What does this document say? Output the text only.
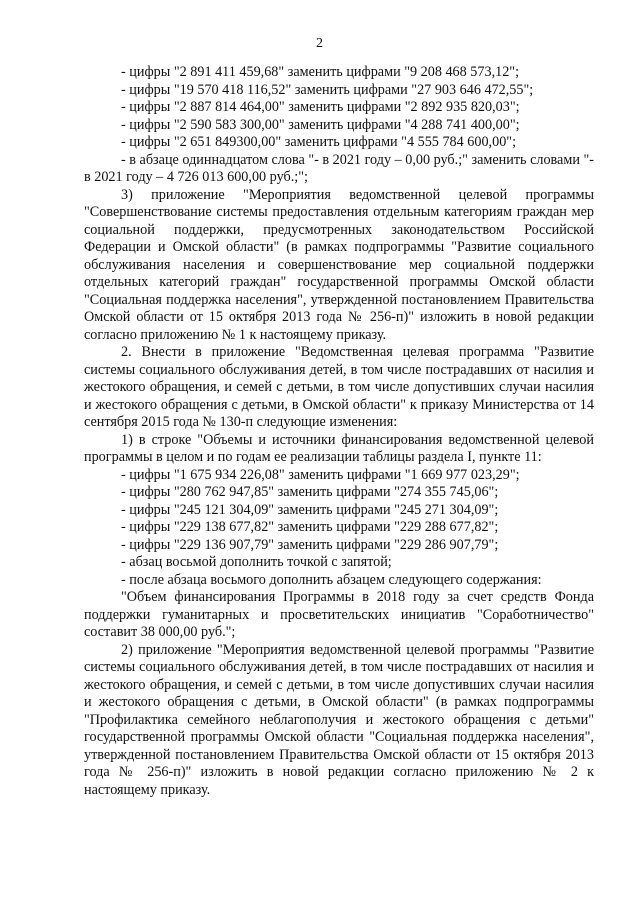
2

- цифры "2 891 411 459,68" заменить цифрами "9 208 468 573,12";

- цифры "19 570 418 116,52" заменить цифрами "27 903 646 472,55";

- цифры "2 887 814 464,00" заменить цифрами "2 892 935 820,03";

- цифры "2 590 583 300,00" заменить цифрами "4 288 741 400,00";

- цифры "2 651 849300,00" заменить цифрами "4 555 784 600,00";

- в абзаце одиннадцатом слова "- в 2021 году – 0,00 руб.;" заменить словами "- в 2021 году – 4 726 013 600,00 руб.;";

3) приложение "Мероприятия ведомственной целевой программы "Совершенствование системы предоставления отдельным категориям граждан мер социальной поддержки, предусмотренных законодательством Российской Федерации и Омской области" (в рамках подпрограммы "Развитие социального обслуживания населения и совершенствование мер социальной поддержки отдельных категорий граждан" государственной программы Омской области "Социальная поддержка населения", утвержденной постановлением Правительства Омской области от 15 октября 2013 года № 256-п)" изложить в новой редакции согласно приложению № 1 к настоящему приказу.

2. Внести в приложение "Ведомственная целевая программа "Развитие системы социального обслуживания детей, в том числе пострадавших от насилия и жестокого обращения, и семей с детьми, в том числе допустивших случаи насилия и жестокого обращения с детьми, в Омской области" к приказу Министерства от 14 сентября 2015 года № 130-п следующие изменения:

1) в строке "Объемы и источники финансирования ведомственной целевой программы в целом и по годам ее реализации таблицы раздела I, пункте 11:

- цифры "1 675 934 226,08" заменить цифрами "1 669 977 023,29";

- цифры "280 762 947,85" заменить цифрами "274 355 745,06";

- цифры "245 121 304,09" заменить цифрами "245 271 304,09";

- цифры "229 138 677,82" заменить цифрами "229 288 677,82";

- цифры "229 136 907,79" заменить цифрами "229 286 907,79";

- абзац восьмой дополнить точкой с запятой;

- после абзаца восьмого дополнить абзацем следующего содержания:

"Объем финансирования Программы в 2018 году за счет средств Фонда поддержки гуманитарных и просветительских инициатив "Соработничество" составит 38 000,00 руб.";

2) приложение "Мероприятия ведомственной целевой программы "Развитие системы социального обслуживания детей, в том числе пострадавших от насилия и жестокого обращения, и семей с детьми, в том числе допустивших случаи насилия и жестокого обращения с детьми, в Омской области" (в рамках подпрограммы "Профилактика семейного неблагополучия и жестокого обращения с детьми" государственной программы Омской области "Социальная поддержка населения", утвержденной постановлением Правительства Омской области от 15 октября 2013 года № 256-п)" изложить в новой редакции согласно приложению № 2 к настоящему приказу.
